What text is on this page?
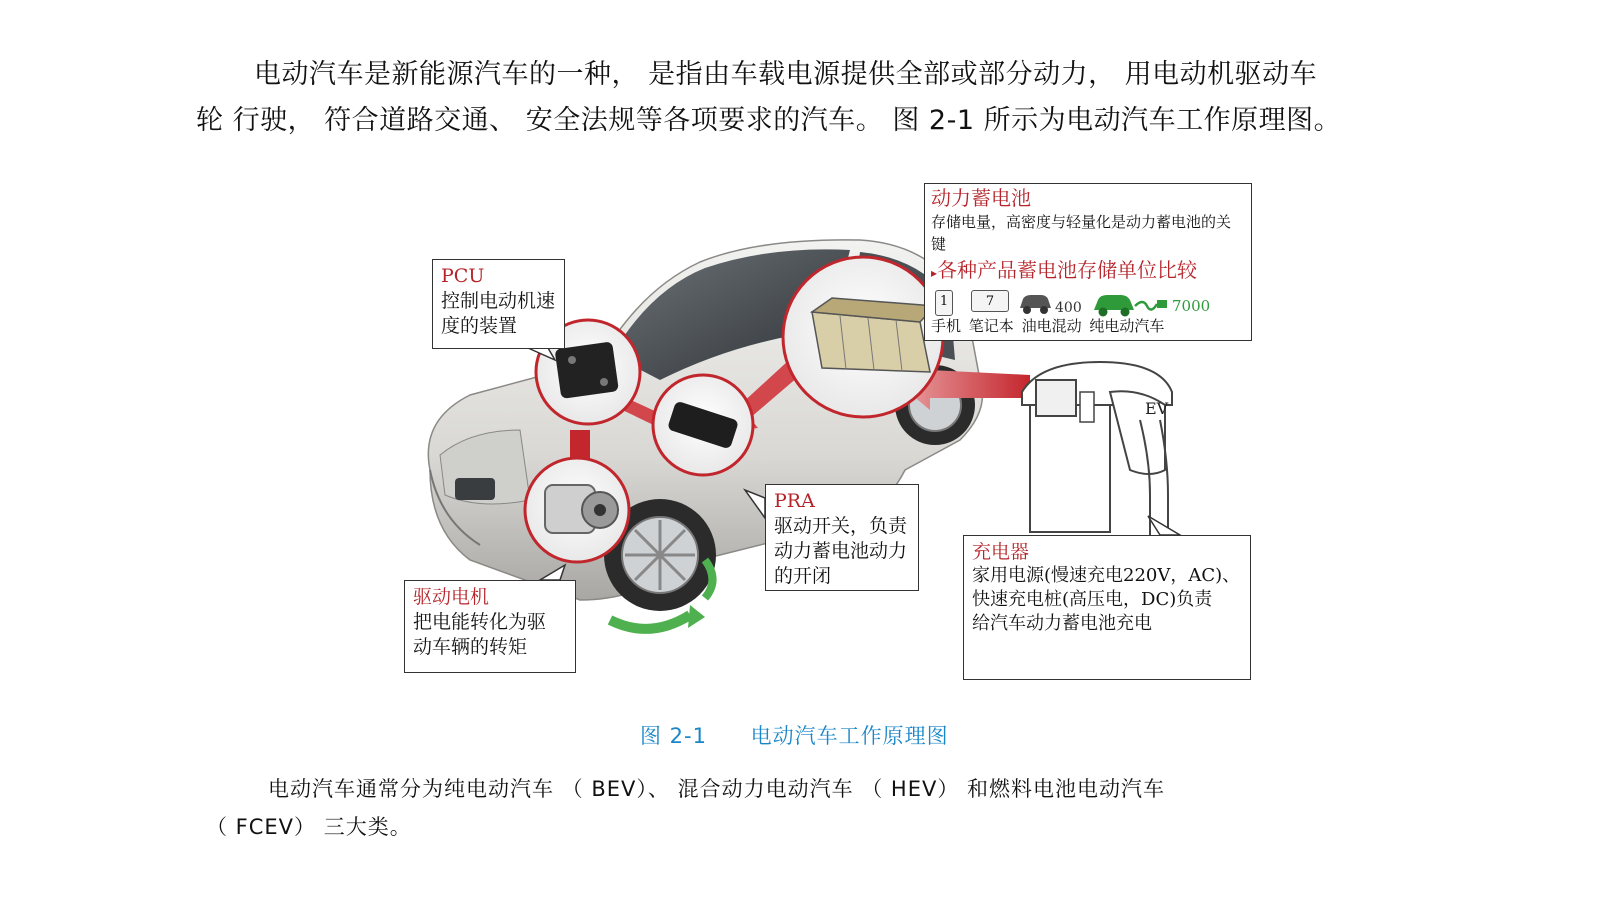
电动汽车是新能源汽车的一种， 是指由车载电源提供全部或部分动力， 用电动机驱动车
轮 行驶， 符合道路交通、 安全法规等各项要求的汽车。 图 2-1 所示为电动汽车工作原理图。
EV
PCU
控制电动机速
度的装置
驱动电机
把电能转化为驱
动车辆的转矩
PRA
驱动开关，负责
动力蓄电池动力
的开闭
充电器
家用电源(慢速充电220V，AC)、
快速充电桩(高压电，DC)负责
给汽车动力蓄电池充电
动力蓄电池
存储电量，高密度与轻量化是动力蓄电池的关键
▸ 各种产品蓄电池存储单位比较
1	7	400	7000
手机 笔记本 油电混动 纯电动汽车
图 2-1 电动汽车工作原理图
电动汽车通常分为纯电动汽车 （ BEV）、 混合动力电动汽车 （ HEV） 和燃料电池电动汽车
（ FCEV） 三大类。
